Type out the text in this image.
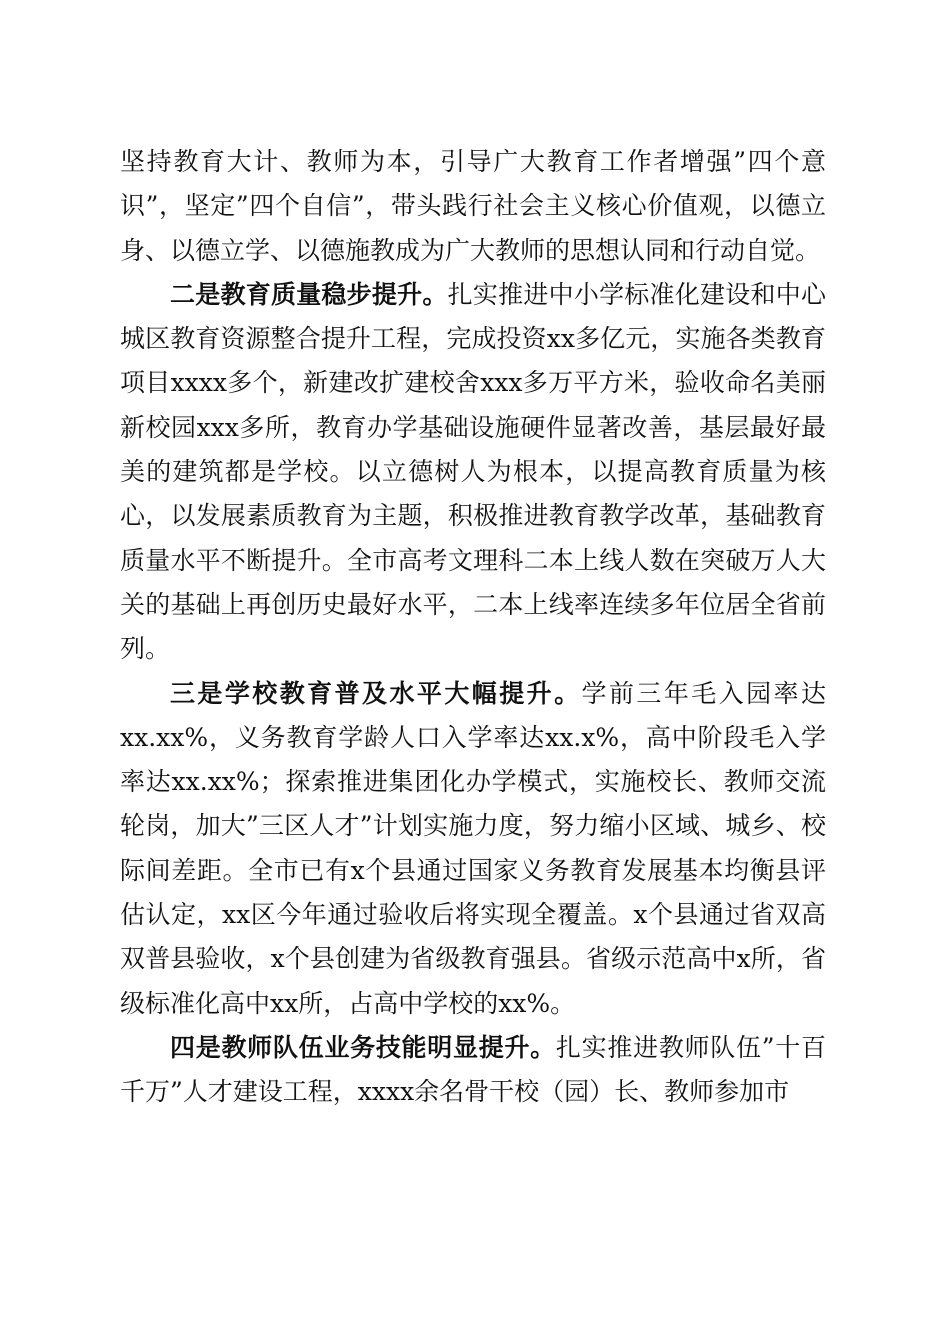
坚持教育大计、教师为本，引导广大教育工作者增强”四个意识”，坚定”四个自信”，带头践行社会主义核心价值观，以德立身、以德立学、以德施教成为广大教师的思想认同和行动自觉。

二是教育质量稳步提升。扎实推进中小学标准化建设和中心城区教育资源整合提升工程，完成投资xx多亿元，实施各类教育项目xxxx多个，新建改扩建校舍xxx多万平方米，验收命名美丽新校园xxx多所，教育办学基础设施硬件显著改善，基层最好最美的建筑都是学校。以立德树人为根本，以提高教育质量为核心，以发展素质教育为主题，积极推进教育教学改革，基础教育质量水平不断提升。全市高考文理科二本上线人数在突破万人大关的基础上再创历史最好水平，二本上线率连续多年位居全省前列。

三是学校教育普及水平大幅提升。学前三年毛入园率达xx.xx%，义务教育学龄人口入学率达xx.x%，高中阶段毛入学率达xx.xx%；探索推进集团化办学模式，实施校长、教师交流轮岗，加大”三区人才”计划实施力度，努力缩小区域、城乡、校际间差距。全市已有x个县通过国家义务教育发展基本均衡县评估认定，xx区今年通过验收后将实现全覆盖。x个县通过省双高双普县验收，x个县创建为省级教育强县。省级示范高中x所，省级标准化高中xx所，占高中学校的xx%。

四是教师队伍业务技能明显提升。扎实推进教师队伍”十百千万”人才建设工程，xxxx余名骨干校（园）长、教师参加市
